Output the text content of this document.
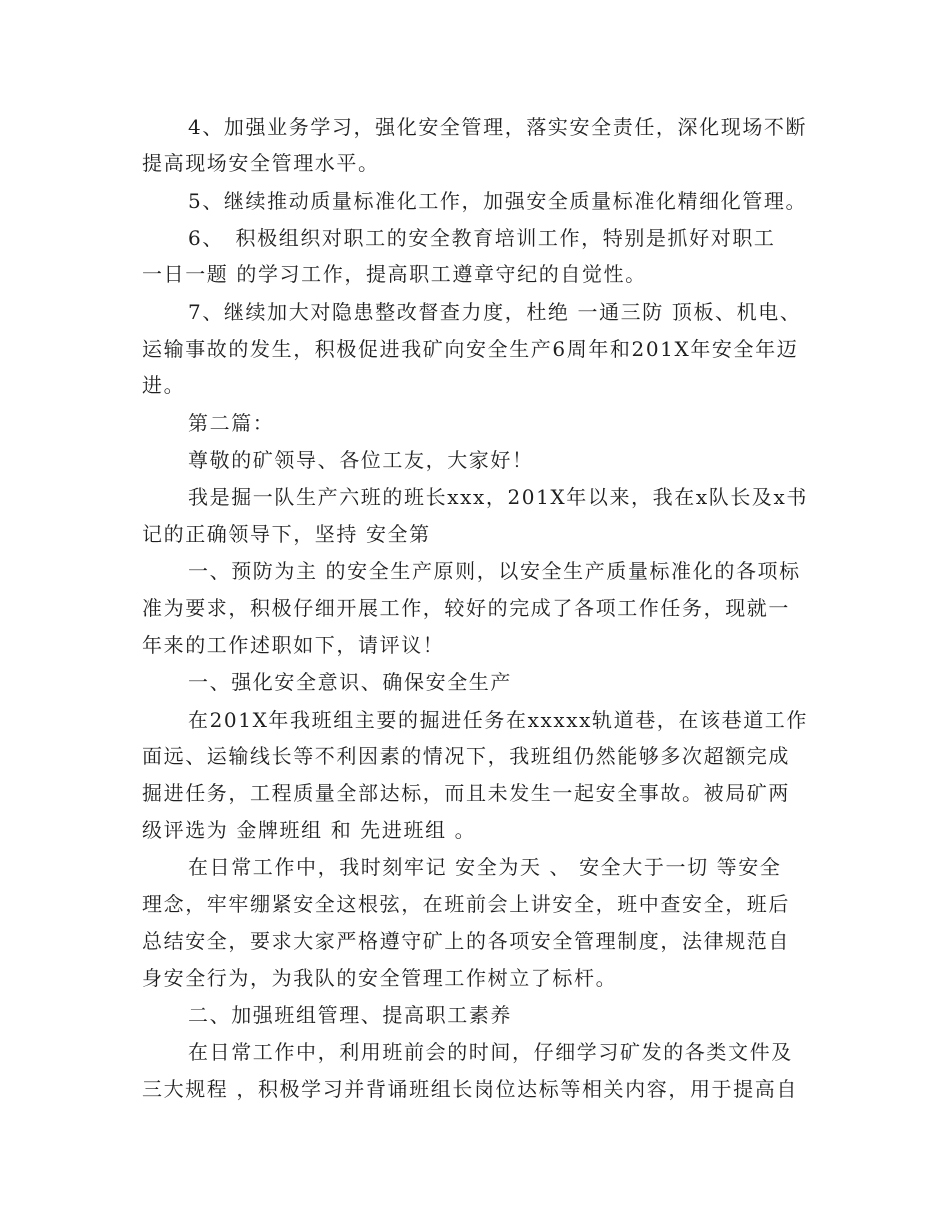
4、加强业务学习，强化安全管理，落实安全责任，深化现场不断
提高现场安全管理水平。
5、继续推动质量标准化工作，加强安全质量标准化精细化管理。
6、　积极组织对职工的安全教育培训工作，特别是抓好对职工
一日一题 的学习工作，提高职工遵章守纪的自觉性。
7、继续加大对隐患整改督查力度，杜绝 一通三防 顶板、机电、
运输事故的发生，积极促进我矿向安全生产6周年和201X年安全年迈
进。
第二篇：
尊敬的矿领导、各位工友，大家好！
我是掘一队生产六班的班长xxx，201X年以来，我在x队长及x书
记的正确领导下，坚持 安全第
一、预防为主 的安全生产原则，以安全生产质量标准化的各项标
准为要求，积极仔细开展工作，较好的完成了各项工作任务，现就一
年来的工作述职如下，请评议！
一、强化安全意识、确保安全生产
在201X年我班组主要的掘进任务在xxxxx轨道巷，在该巷道工作
面远、运输线长等不利因素的情况下，我班组仍然能够多次超额完成
掘进任务，工程质量全部达标，而且未发生一起安全事故。被局矿两
级评选为 金牌班组 和 先进班组 。
在日常工作中，我时刻牢记 安全为天 、 安全大于一切 等安全
理念，牢牢绷紧安全这根弦，在班前会上讲安全，班中查安全，班后
总结安全，要求大家严格遵守矿上的各项安全管理制度，法律规范自
身安全行为，为我队的安全管理工作树立了标杆。
二、加强班组管理、提高职工素养
在日常工作中，利用班前会的时间，仔细学习矿发的各类文件及
三大规程 ，积极学习并背诵班组长岗位达标等相关内容，用于提高自
